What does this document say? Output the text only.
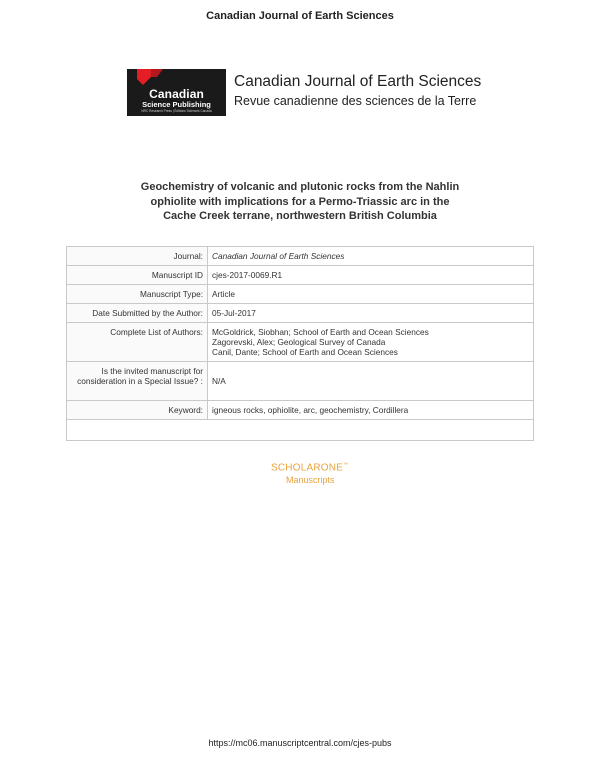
Canadian Journal of Earth Sciences
Canadian
Science Publishing
NRC Research Press | Éditions Sciences Canada
Canadian Journal of Earth Sciences
Revue canadienne des sciences de la Terre
Geochemistry of volcanic and plutonic rocks from the Nahlin
ophiolite with implications for a Permo-Triassic arc in the
Cache Creek terrane, northwestern British Columbia
Journal:	Canadian Journal of Earth Sciences
Manuscript ID	cjes-2017-0069.R1
Manuscript Type:	Article
Date Submitted by the Author:	05-Jul-2017
Complete List of Authors:	McGoldrick, Siobhan; School of Earth and Ocean Sciences
Zagorevski, Alex; Geological Survey of Canada
Canil, Dante; School of Earth and Ocean Sciences

Is the invited manuscript for consideration in a Special Issue? :	N/A
Keyword:	igneous rocks, ophiolite, arc, geochemistry, Cordillera

SCHOLARONE™
Manuscripts
https://mc06.manuscriptcentral.com/cjes-pubs
